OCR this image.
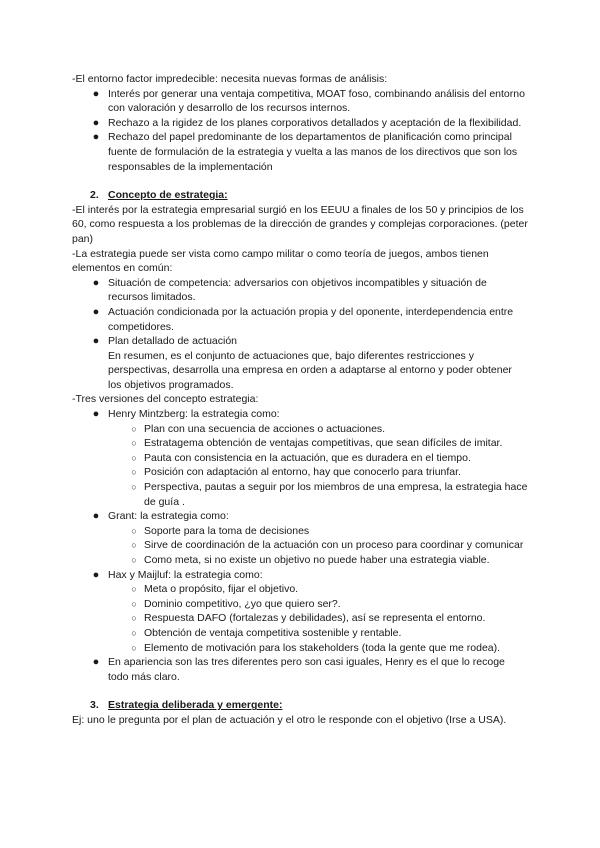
-El entorno factor impredecible: necesita nuevas formas de análisis:

● Interés por generar una ventaja competitiva, MOAT foso, combinando análisis del entorno con valoración y desarrollo de los recursos internos.
● Rechazo a la rigidez de los planes corporativos detallados y aceptación de la flexibilidad.
● Rechazo del papel predominante de los departamentos de planificación como principal fuente de formulación de la estrategia y vuelta a las manos de los directivos que son los responsables de la implementación
2. Concepto de estrategia:

-El interés por la estrategia empresarial surgió en los EEUU a finales de los 50 y principios de los 60, como respuesta a los problemas de la dirección de grandes y complejas corporaciones. (peter pan)

-La estrategia puede ser vista como campo militar o como teoría de juegos, ambos tienen elementos en común:

● Situación de competencia: adversarios con objetivos incompatibles y situación de recursos limitados.
● Actuación condicionada por la actuación propia y del oponente, interdependencia entre competidores.
● Plan detallado de actuación

En resumen, es el conjunto de actuaciones que, bajo diferentes restricciones y perspectivas, desarrolla una empresa en orden a adaptarse al entorno y poder obtener los objetivos programados.

-Tres versiones del concepto estrategia:

● Henry Mintzberg: la estrategia como:
○ Plan con una secuencia de acciones o actuaciones.
○ Estratagema obtención de ventajas competitivas, que sean difíciles de imitar.
○ Pauta con consistencia en la actuación, que es duradera en el tiempo.
○ Posición con adaptación al entorno, hay que conocerlo para triunfar.
○ Perspectiva, pautas a seguir por los miembros de una empresa, la estrategia hace de guía .
● Grant: la estrategia como:
○ Soporte para la toma de decisiones
○ Sirve de coordinación de la actuación con un proceso para coordinar y comunicar
○ Como meta, si no existe un objetivo no puede haber una estrategia viable.
● Hax y Maijluf: la estrategia como:
○ Meta o propósito, fijar el objetivo.
○ Dominio competitivo, ¿yo que quiero ser?.
○ Respuesta DAFO (fortalezas y debilidades), así se representa el entorno.
○ Obtención de ventaja competitiva sostenible y rentable.
○ Elemento de motivación para los stakeholders (toda la gente que me rodea).
● En apariencia son las tres diferentes pero son casi iguales, Henry es el que lo recoge todo más claro.
3. Estrategia deliberada y emergente:

Ej: uno le pregunta por el plan de actuación y el otro le responde con el objetivo (Irse a USA).
